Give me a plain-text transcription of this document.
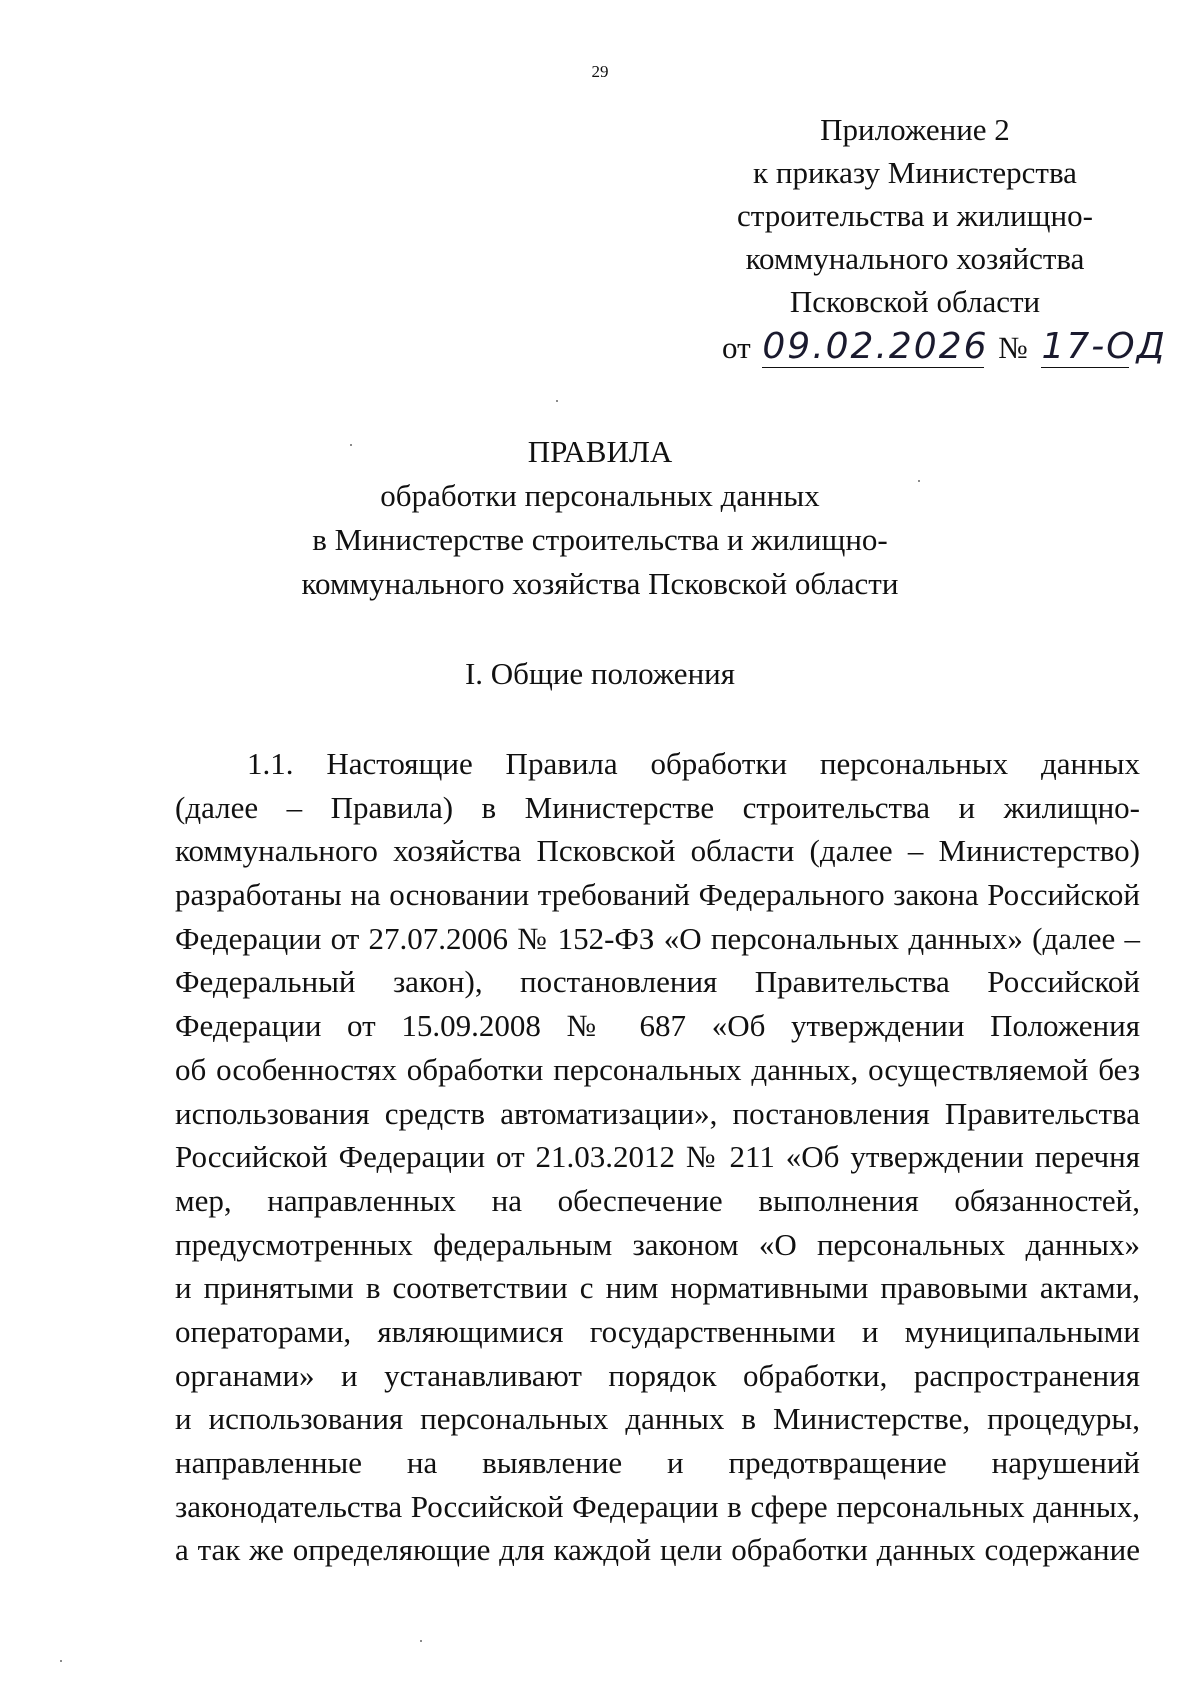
29
Приложение 2
к приказу Министерства
строительства и жилищно-
коммунального хозяйства
Псковской области
от 09.02.2026 № 17-ОД
ПРАВИЛА
обработки персональных данных
в Министерстве строительства и жилищно-
коммунального хозяйства Псковской области
I. Общие положения
1.1. Настоящие Правила обработки персональных данных
(далее – Правила) в Министерстве строительства и жилищно-
коммунального хозяйства Псковской области (далее – Министерство)
разработаны на основании требований Федерального закона Российской
Федерации от 27.07.2006 № 152-ФЗ «О персональных данных» (далее –
Федеральный закон), постановления Правительства Российской
Федерации от 15.09.2008 № 687 «Об утверждении Положения
об особенностях обработки персональных данных, осуществляемой без
использования средств автоматизации», постановления Правительства
Российской Федерации от 21.03.2012 № 211 «Об утверждении перечня
мер, направленных на обеспечение выполнения обязанностей,
предусмотренных федеральным законом «О персональных данных»
и принятыми в соответствии с ним нормативными правовыми актами,
операторами, являющимися государственными и муниципальными
органами» и устанавливают порядок обработки, распространения
и использования персональных данных в Министерстве, процедуры,
направленные на выявление и предотвращение нарушений
законодательства Российской Федерации в сфере персональных данных,
а так же определяющие для каждой цели обработки данных содержание
